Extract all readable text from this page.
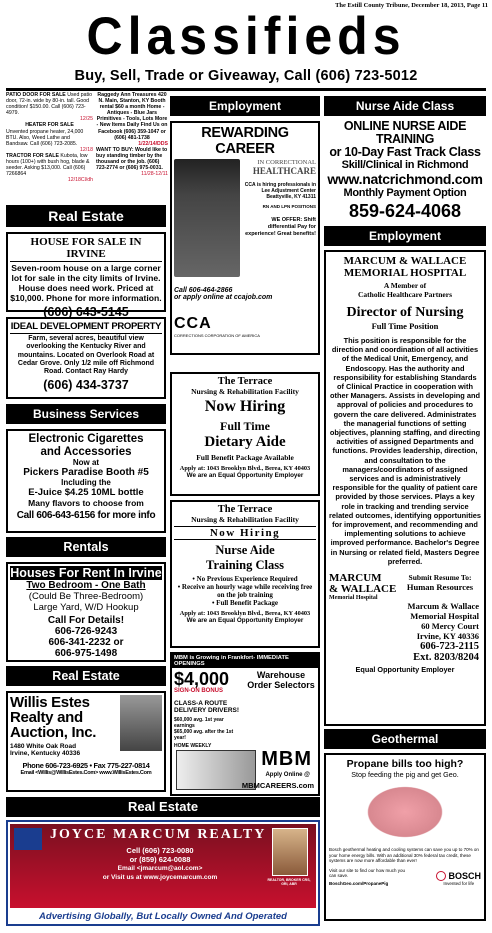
The Estill County Tribune, December 18, 2013, Page 11
Classifieds
Buy, Sell, Trade or Giveaway, Call (606) 723-5012
PATIO DOOR FOR SALE Used patio door, 72-in. wide by 80-in. tall. Good condition! $150.00. Call (606) 723-4979.
12/25
HEATER FOR SALE
Unvented propane heater, 24,000 BTU. Also, Weed Lathe and Bandsaw. Call (606) 723-2085.
12/18
TRACTOR FOR SALE Kubota, low hours (100+) with bush hog, blade & seeder. Asking $13,000. Call (606) 7266864
12/18Cl/dh
Raggedy Ann Treasures 420 N. Main, Stanton, KY Booth rental $60 a month Home - Antiques - Blue Jars Primitives - Tools, Lots More - New Items Daily Find Us on Facebook (606) 359-1047 or (606) 481-1738
1/22/14/DDS
WANT TO BUY: Would like to buy standing timber by the thousand or the job. (606) 723-2774 or (606) 975-0031.
11/28-12/11
Real Estate
HOUSE FOR SALE IN IRVINE
Seven-room house on a large corner lot for sale in the city limits of Irvine. House does need work. Priced at $10,000. Phone for more information.
(606) 643-5145
IDEAL DEVELOPMENT PROPERTY
Farm, several acres, beautiful view overlooking the Kentucky River and mountains. Located on Overlook Road at Cedar Grove. Only 1/2 mile off Richmond Road. Contact Ray Hardy
(606) 434-3737
Business Services
Electronic Cigarettes
and Accessories
Now at
Pickers Paradise Booth #5
Including the
E-Juice $4.25 10ML bottle
Many flavors to choose from
Call 606-643-6156 for more info
Rentals
Houses For Rent In Irvine
Two Bedroom - One Bath
(Could Be Three-Bedroom)
Large Yard, W/D Hookup
Call For Details!
606-726-9243
606-341-2232 or
606-975-1498
Real Estate
Willis Estes
Realty and
Auction, Inc.
1480 White Oak Road
Irvine, Kentucky 40336
Phone 606-723-6925 • Fax 775-227-0814
Email <Willis@WillisEstes.Com> www.WillisEstes.Com
Employment
REWARDING CAREER
IN CORRECTIONAL
HEALTHCARE
CCA is hiring professionals in Lee Adjustment Center Beattyville, KY 41311
RN AND LPN POSITIONS
WE OFFER: Shift differential Pay for experience! Great benefits!
Call 606-464-2866
or apply online at ccajob.com
CCA
CORRECTIONS CORPORATION OF AMERICA
The Terrace
Nursing & Rehabilitation Facility
Now Hiring
Full Time
Dietary Aide
Full Benefit Package Available
Apply at: 1043 Brooklyn Blvd., Berea, KY 40403
We are an Equal Opportunity Employer
The Terrace
Nursing & Rehabilitation Facility
Now Hiring
Nurse Aide
Training Class
• No Previous Experience Required
• Receive an hourly wage while receiving free on the job training
• Full Benefit Package
Apply at: 1043 Brooklyn Blvd., Berea, KY 40403
We are an Equal Opportunity Employer
MBM is Growing in Frankfort- IMMEDIATE OPENINGS
$4,000
SIGN-ON BONUS
CLASS-A ROUTE DELIVERY DRIVERS!
$60,000 avg. 1st year earnings
$65,000 avg. after the 1st year!
HOME WEEKLY
Warehouse
Order Selectors
MBM
Apply Online @
MBMCAREERS.com
Nurse Aide Class
ONLINE NURSE AIDE TRAINING
or 10-Day Fast Track Class
Skill/Clinical in Richmond
www.natcrichmond.com
Monthly Payment Option
859-624-4068
Employment
MARCUM & WALLACE
MEMORIAL HOSPITAL
A Member of
Catholic Healthcare Partners
Director of Nursing
Full Time Position
This position is responsible for the direction and coordination of all activities of the Medical Unit, Emergency, and Endoscopy. Has the authority and responsibility for establishing Standards of Clinical Practice in cooperation with other Managers. Assists in developing and approval of policies and procedures to govern the care delivered. Administrates the managerial functions of setting objectives, planning staffing, and directing activities of assigned Departments and functions. Provides leadership, direction, and consultation to the managers/coordinators of assigned services and is administratively responsible for the quality of patient care provided by those services. Plays a key role in tracking and trending service related outcomes, identifying opportunities for improvement, and recommending and implementing solutions to achieve improved performance. Bachelor's Degree in Nursing or related field, Masters Degree preferred.
MARCUM
& WALLACE
Memorial Hospital
Submit Resume To:
Human Resources
Marcum & Wallace
Memorial Hospital
60 Mercy Court
Irvine, KY 40336
606-723-2115
Ext. 8203/8204
Equal Opportunity Employer
Geothermal
Propane bills too high?
Stop feeding the pig and get Geo.
Bosch geothermal heating and cooling systems can save you up to 70% on your home energy bills. With an additional 30% federal tax credit, these systems are now more affordable than ever!
Visit our site to find our how much you can save.
BoschGeo.com/PropanePig
BOSCH
Invented for life
Real Estate
JOYCE MARCUM REALTY
Cell (606) 723-0080
or (859) 624-0088
Email <jmarcum@aol.com>
or Visit us at www.joycemarcum.com	REALTOR, BROKER CRS, GRI, ABR
Advertising Globally, But Locally Owned And Operated
